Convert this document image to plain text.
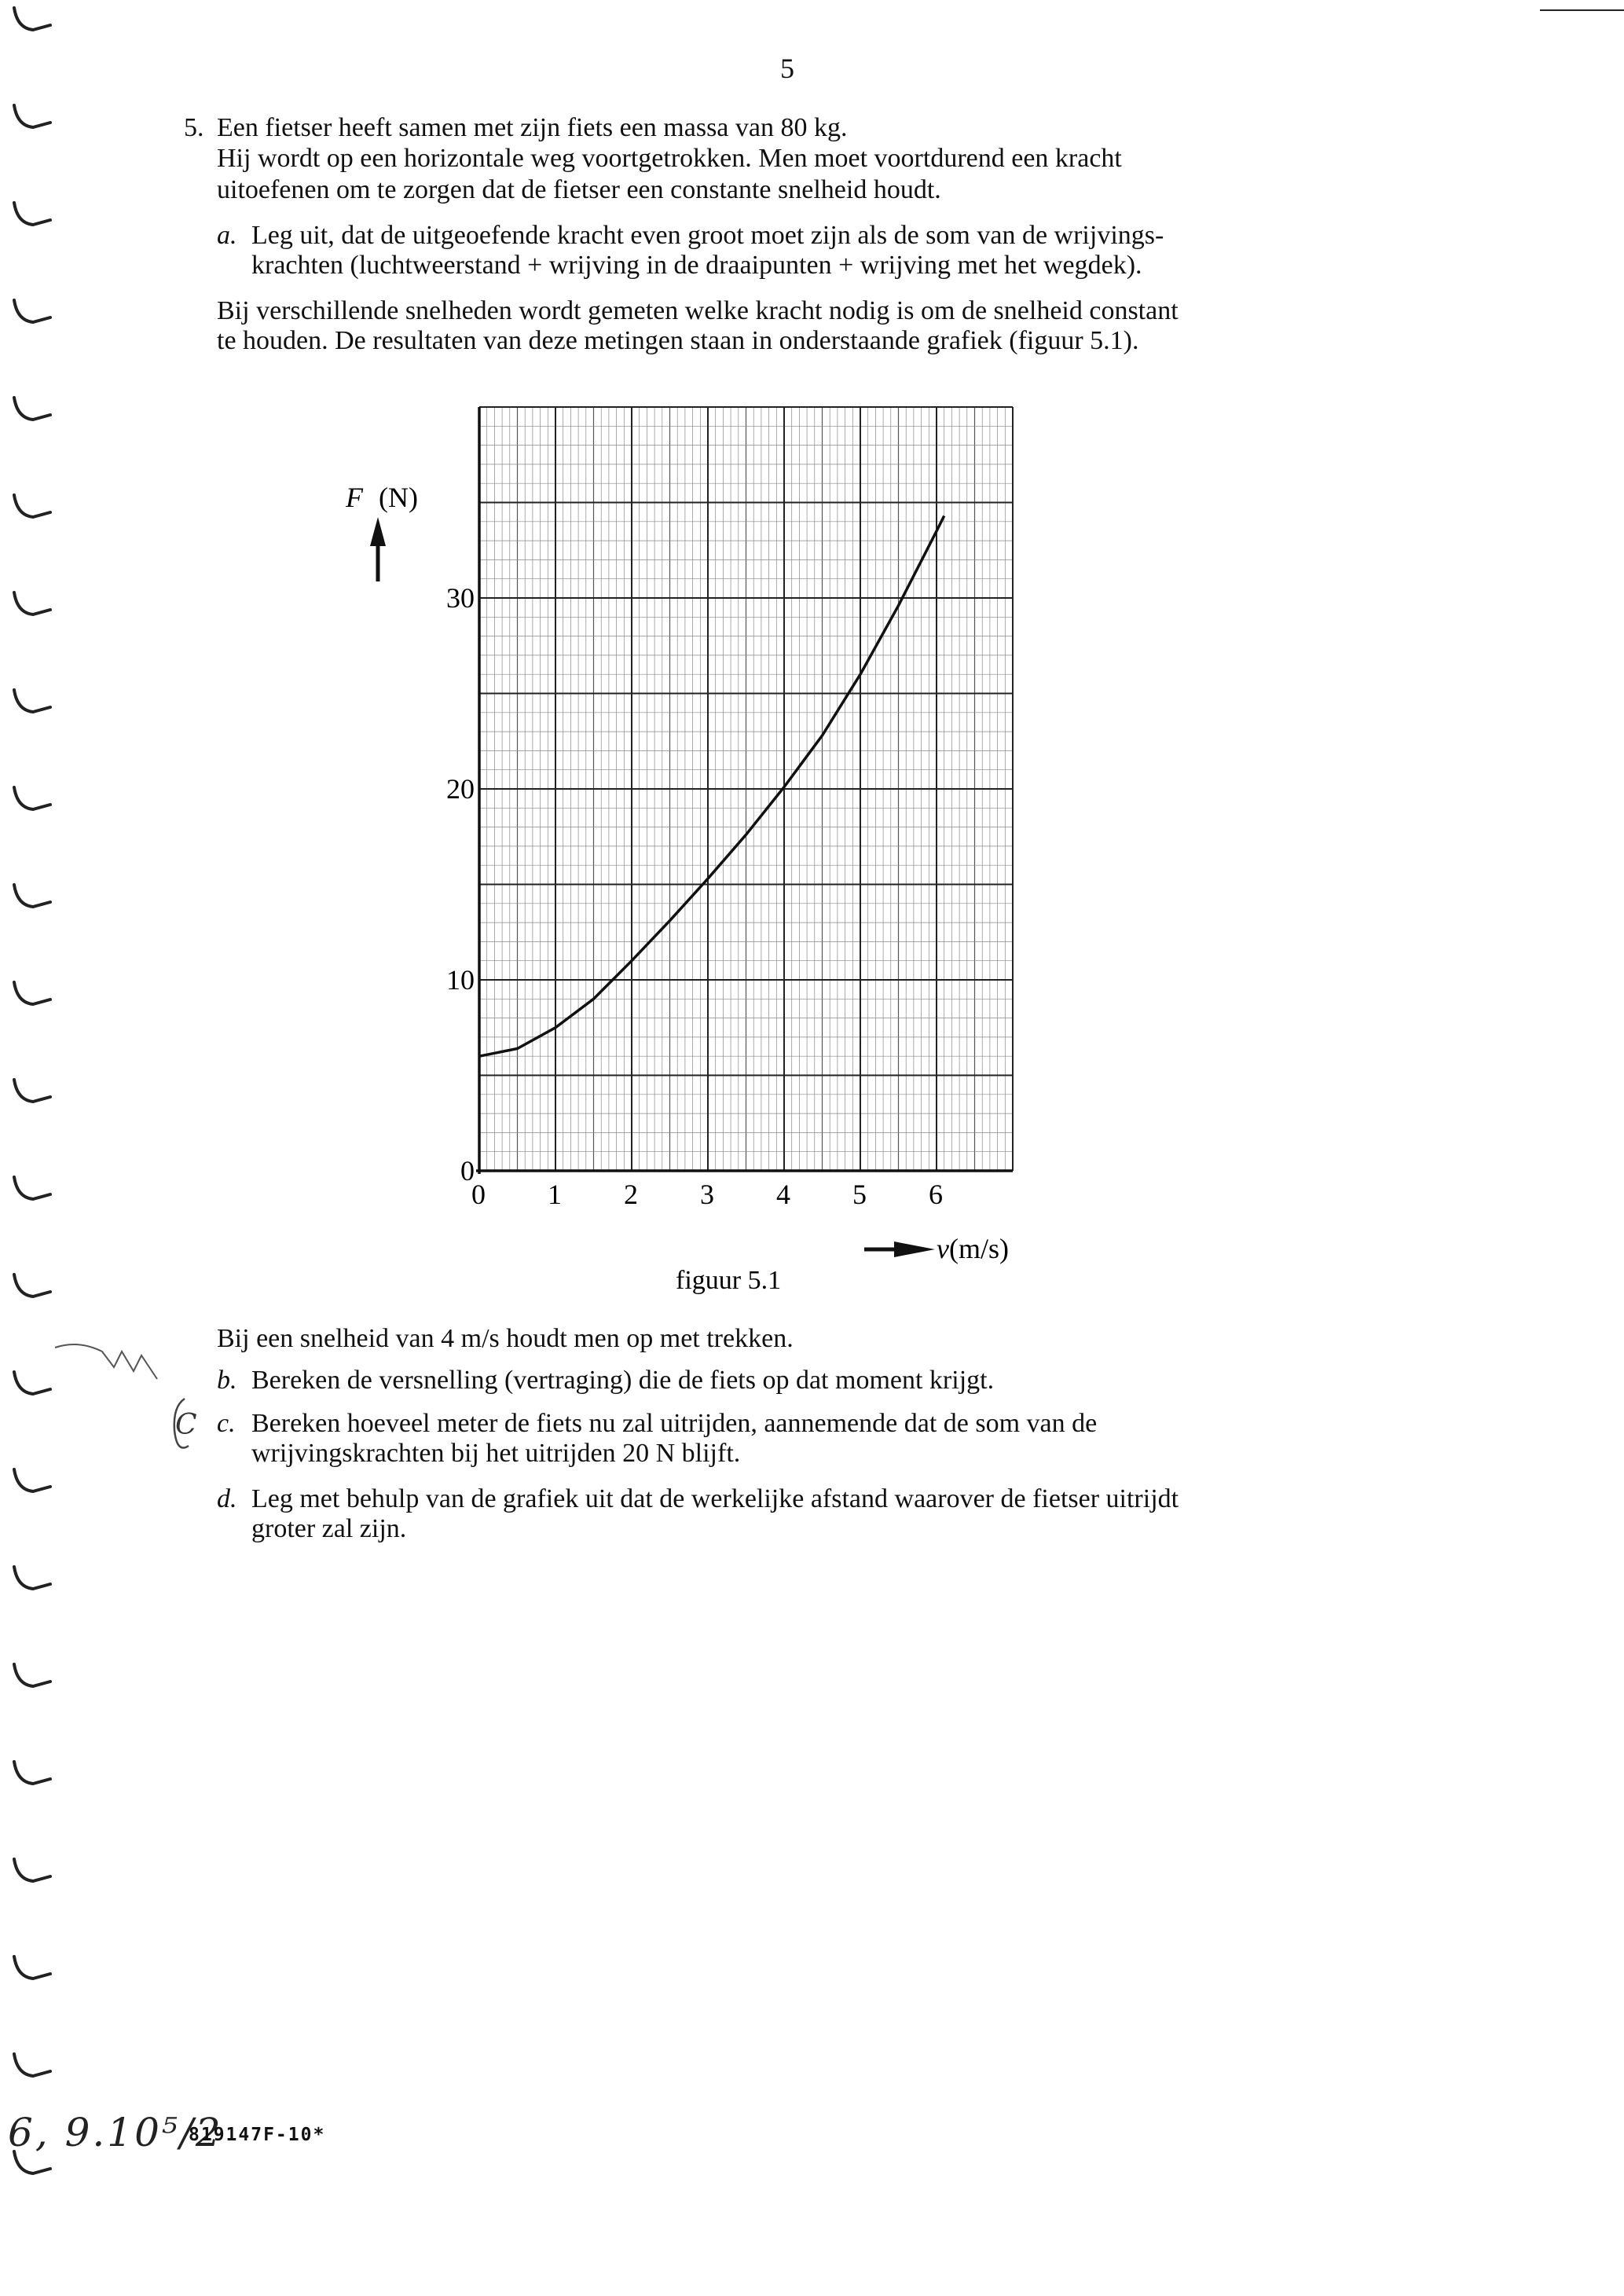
5
5. Een fietser heeft samen met zijn fiets een massa van 80 kg.
Hij wordt op een horizontale weg voortgetrokken. Men moet voortdurend een kracht
uitoefenen om te zorgen dat de fietser een constante snelheid houdt.
a. Leg uit, dat de uitgeoefende kracht even groot moet zijn als de som van de wrijvings-
krachten (luchtweerstand + wrijving in de draaipunten + wrijving met het wegdek).
Bij verschillende snelheden wordt gemeten welke kracht nodig is om de snelheid constant
te houden. De resultaten van deze metingen staan in onderstaande grafiek (figuur 5.1).
0 1 2 3 4 5 6
0
10
20
30
F (N)
v (m/s)
figuur 5.1
Bij een snelheid van 4 m/s houdt men op met trekken.
b. Bereken de versnelling (vertraging) die de fiets op dat moment krijgt.
c. Bereken hoeveel meter de fiets nu zal uitrijden, aannemende dat de som van de
wrijvingskrachten bij het uitrijden 20 N blijft.
d. Leg met behulp van de grafiek uit dat de werkelijke afstand waarover de fietser uitrijdt
groter zal zijn.
C
6, 9.10⁵/2
819147F-10*
